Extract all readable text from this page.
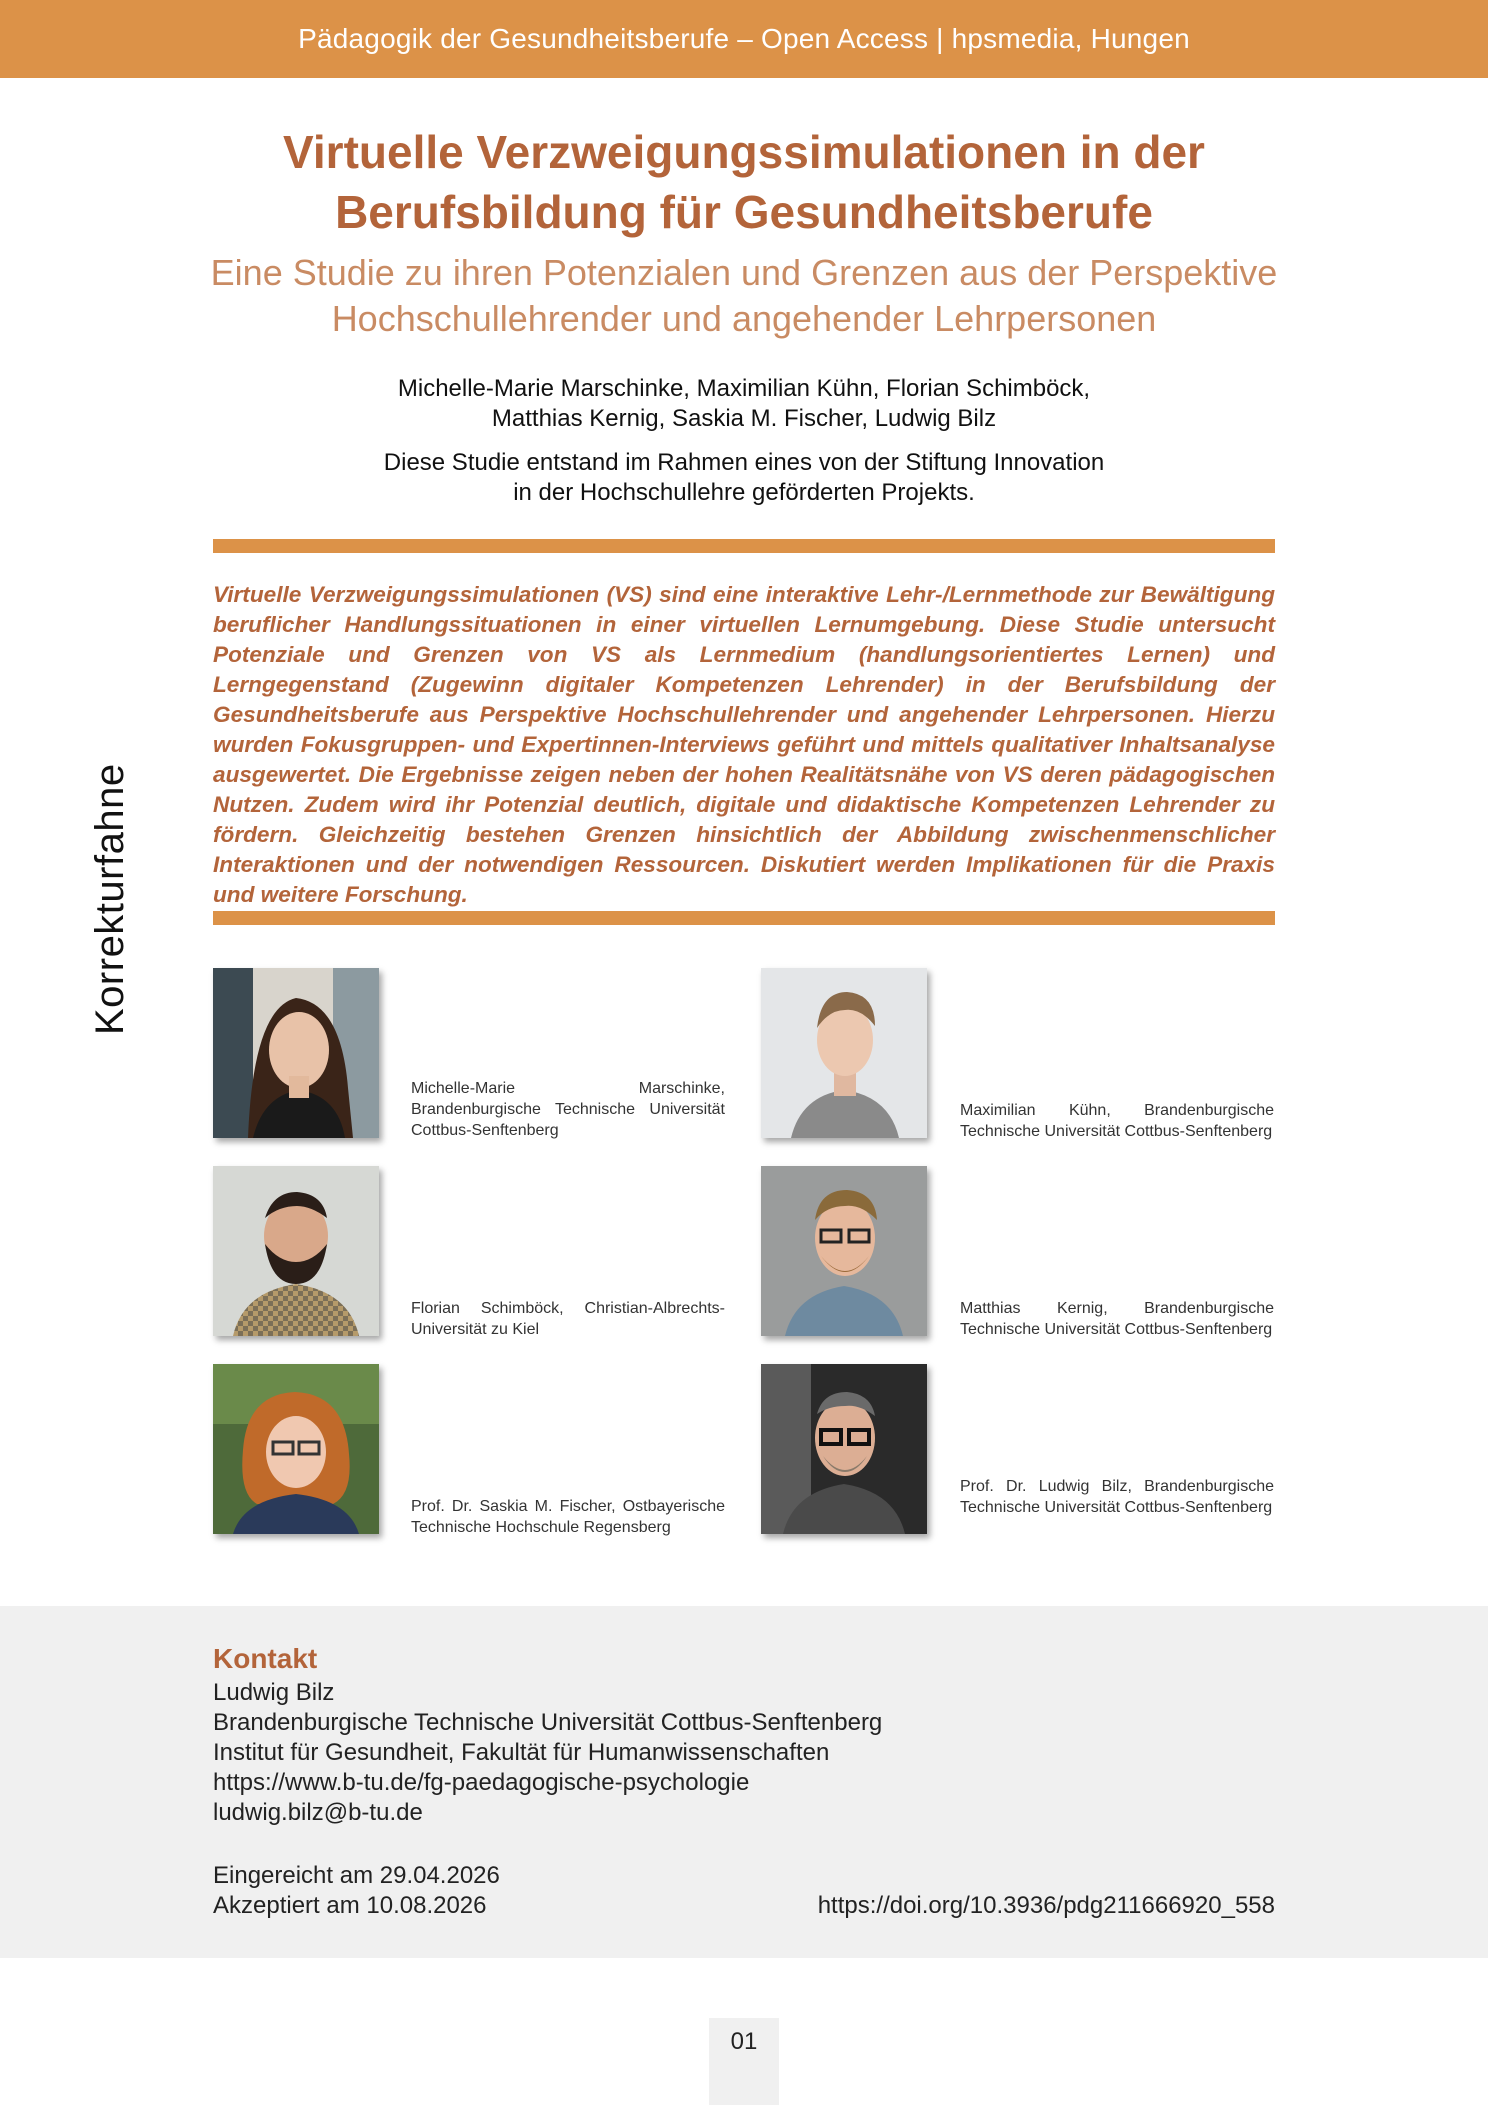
Pädagogik der Gesundheitsberufe – Open Access | hpsmedia, Hungen
Korrekturfahne
Virtuelle Verzweigungssimulationen in der
Berufsbildung für Gesundheitsberufe
Eine Studie zu ihren Potenzialen und Grenzen aus der Perspektive
Hochschullehrender und angehender Lehrpersonen
Michelle-Marie Marschinke, Maximilian Kühn, Florian Schimböck,
Matthias Kernig, Saskia M. Fischer, Ludwig Bilz
Diese Studie entstand im Rahmen eines von der Stiftung Innovation
in der Hochschullehre geförderten Projekts.

Virtuelle Verzweigungssimulationen (VS) sind eine interaktive Lehr-/Lernmethode zur Bewältigung beruflicher Handlungssituationen in einer virtuellen Lernumgebung. Diese Studie untersucht Potenziale und Grenzen von VS als Lernmedium (handlungsorientiertes Lernen) und Lerngegenstand (Zugewinn digitaler Kompetenzen Lehrender) in der Berufsbildung der Gesundheitsberufe aus Perspektive Hochschullehrender und angehender Lehrpersonen. Hierzu wurden Fokusgruppen- und Expertinnen-Interviews geführt und mittels qualitativer Inhaltsanalyse ausgewertet. Die Ergebnisse zeigen neben der hohen Realitätsnähe von VS deren pädagogischen Nutzen. Zudem wird ihr Potenzial deutlich, digitale und didaktische Kompetenzen Lehrender zu fördern. Gleichzeitig bestehen Grenzen hinsichtlich der Abbildung zwischenmenschlicher Interaktionen und der notwendigen Ressourcen. Diskutiert werden Implikationen für die Praxis und weitere Forschung.

Michelle-Marie Marschinke, Brandenburgische Technische Universität Cottbus-Senftenberg
Maximilian Kühn, Brandenburgische Technische Universität Cottbus-Senftenberg
Florian Schimböck, Christian-Albrechts-Universität zu Kiel
Matthias Kernig, Brandenburgische Technische Universität Cottbus-Senftenberg
Prof. Dr. Saskia M. Fischer, Ostbayerische Technische Hochschule Regensberg
Prof. Dr. Ludwig Bilz, Brandenburgische Technische Universität Cottbus-Senftenberg
Kontakt
Ludwig Bilz
Brandenburgische Technische Universität Cottbus-Senftenberg
Institut für Gesundheit, Fakultät für Humanwissenschaften
https://www.b-tu.de/fg-paedagogische-psychologie
ludwig.bilz@b-tu.de
Eingereicht am 29.04.2026
Akzeptiert am 10.08.2026	https://doi.org/10.3936/pdg211666920_558
01
